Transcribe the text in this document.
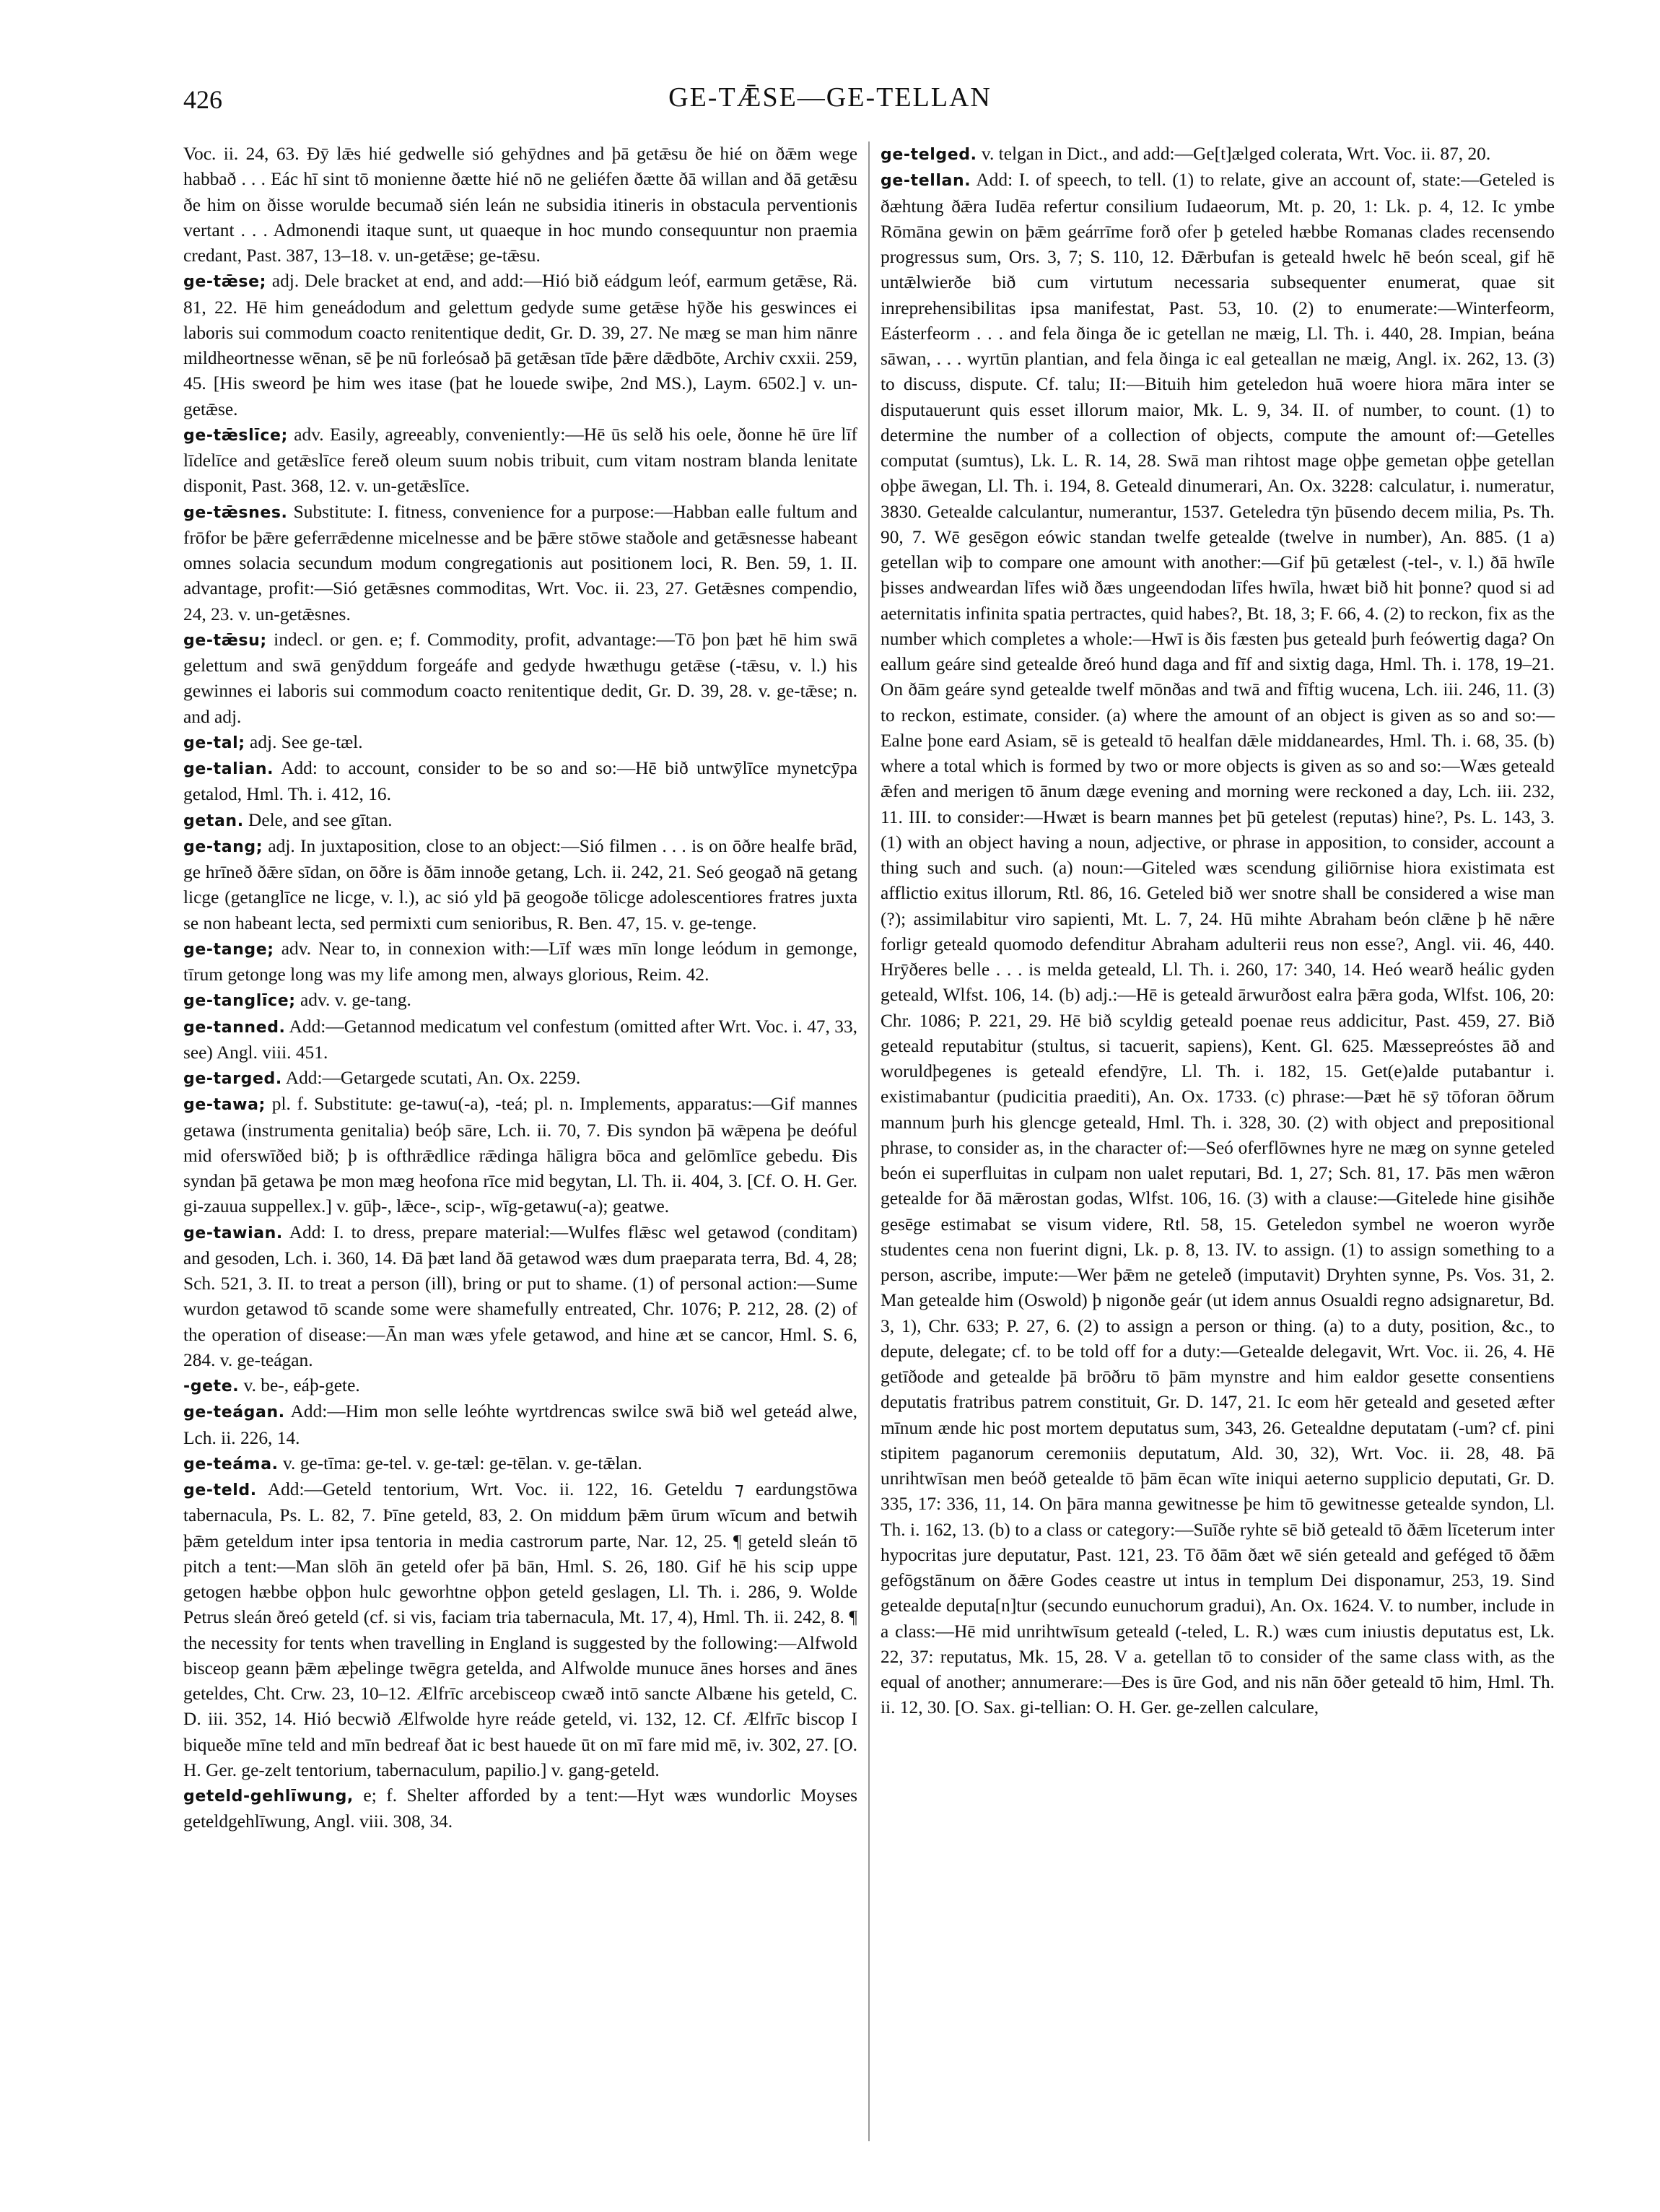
426	GE-TǢSE—GE-TELLAN

Voc. ii. 24, 63. Ðȳ lǣs hié gedwelle sió gehȳdnes and þā getǣsu ðe hié on ðǣm wege habbað . . . Eác hī sint tō monienne ðætte hié nō ne geliéfen ðætte ðā willan and ðā getǣsu ðe him on ðisse worulde becumað sién leán ne subsidia itineris in obstacula perventionis vertant . . . Admonendi itaque sunt, ut quaeque in hoc mundo consequuntur non praemia credant, Past. 387, 13–18. v. un-getǣse; ge-tǣsu.

ge-tǣse; adj. Dele bracket at end, and add:—Hió bið eádgum leóf, earmum getǣse, Rä. 81, 22. Hē him geneádodum and gelettum gedyde sume getǣse hȳðe his geswinces ei laboris sui commodum coacto renitentique dedit, Gr. D. 39, 27. Ne mæg se man him nānre mildheortnesse wēnan, sē þe nū forleósað þā getǣsan tīde þǣre dǣdbōte, Archiv cxxii. 259, 45. [His sweord þe him wes itase (þat he louede swiþe, 2nd MS.), Laym. 6502.] v. un-getǣse.

ge-tǣslīce; adv. Easily, agreeably, conveniently:—Hē ūs selð his oele, ðonne hē ūre līf līdelīce and getǣslīce fereð oleum suum nobis tribuit, cum vitam nostram blanda lenitate disponit, Past. 368, 12. v. un-getǣslīce.

ge-tǣsnes. Substitute: I. fitness, convenience for a purpose:—Habban ealle fultum and frōfor be þǣre geferrǣdenne micelnesse and be þǣre stōwe staðole and getǣsnesse habeant omnes solacia secundum modum congregationis aut positionem loci, R. Ben. 59, 1. II. advantage, profit:—Sió getǣsnes commoditas, Wrt. Voc. ii. 23, 27. Getǣsnes compendio, 24, 23. v. un-getǣsnes.

ge-tǣsu; indecl. or gen. e; f. Commodity, profit, advantage:—Tō þon þæt hē him swā gelettum and swā genȳddum forgeáfe and gedyde hwæthugu getǣse (-tǣsu, v. l.) his gewinnes ei laboris sui commodum coacto renitentique dedit, Gr. D. 39, 28. v. ge-tǣse; n. and adj.

ge-tal; adj. See ge-tæl.

ge-talian. Add: to account, consider to be so and so:—Hē bið untwȳlīce mynetcȳpa getalod, Hml. Th. i. 412, 16.

getan. Dele, and see gītan.

ge-tang; adj. In juxtaposition, close to an object:—Sió filmen . . . is on ōðre healfe brād, ge hrīneð ðǣre sīdan, on ōðre is ðām innoðe getang, Lch. ii. 242, 21. Seó geogað nā getang licge (getanglīce ne licge, v. l.), ac sió yld þā geogoðe tōlicge adolescentiores fratres juxta se non habeant lecta, sed permixti cum senioribus, R. Ben. 47, 15. v. ge-tenge.

ge-tange; adv. Near to, in connexion with:—Līf wæs mīn longe leódum in gemonge, tīrum getonge long was my life among men, always glorious, Reim. 42.

ge-tanglīce; adv. v. ge-tang.

ge-tanned. Add:—Getannod medicatum vel confestum (omitted after Wrt. Voc. i. 47, 33, see) Angl. viii. 451.

ge-targed. Add:—Getargede scutati, An. Ox. 2259.

ge-tawa; pl. f. Substitute: ge-tawu(-a), -teá; pl. n. Implements, apparatus:—Gif mannes getawa (instrumenta genitalia) beóþ sāre, Lch. ii. 70, 7. Ðis syndon þā wǣpena þe deóful mid oferswīðed bið; þ is ofthrǣdlice rǣdinga hāligra bōca and gelōmlīce gebedu. Ðis syndan þā getawa þe mon mæg heofona rīce mid begytan, Ll. Th. ii. 404, 3. [Cf. O. H. Ger. gi-zauua suppellex.] v. gūþ-, lǣce-, scip-, wīg-getawu(-a); geatwe.

ge-tawian. Add: I. to dress, prepare material:—Wulfes flǣsc wel getawod (conditam) and gesoden, Lch. i. 360, 14. Ðā þæt land ðā getawod wæs dum praeparata terra, Bd. 4, 28; Sch. 521, 3. II. to treat a person (ill), bring or put to shame. (1) of personal action:—Sume wurdon getawod tō scande some were shamefully entreated, Chr. 1076; P. 212, 28. (2) of the operation of disease:—Ān man wæs yfele getawod, and hine æt se cancor, Hml. S. 6, 284. v. ge-teágan.

-gete. v. be-, eáþ-gete.

ge-teágan. Add:—Him mon selle leóhte wyrtdrencas swilce swā bið wel geteád alwe, Lch. ii. 226, 14.

ge-teáma. v. ge-tīma: ge-tel. v. ge-tæl: ge-tēlan. v. ge-tǣlan.

ge-teld. Add:—Geteld tentorium, Wrt. Voc. ii. 122, 16. Geteldu ⁊ eardungstōwa tabernacula, Ps. L. 82, 7. Þīne geteld, 83, 2. On middum þǣm ūrum wīcum and betwih þǣm geteldum inter ipsa tentoria in media castrorum parte, Nar. 12, 25. ¶ geteld sleán tō pitch a tent:—Man slōh ān geteld ofer þā bān, Hml. S. 26, 180. Gif hē his scip uppe getogen hæbbe oþþon hulc geworhtne oþþon geteld geslagen, Ll. Th. i. 286, 9. Wolde Petrus sleán ðreó geteld (cf. si vis, faciam tria tabernacula, Mt. 17, 4), Hml. Th. ii. 242, 8. ¶ the necessity for tents when travelling in England is suggested by the following:—Alfwold bisceop geann þǣm æþelinge twēgra geteldа, and Alfwolde munuce ānes horses and ānes geteldes, Cht. Crw. 23, 10–12. Ælfrīc arcebisceop cwæð intō sancte Albæne his geteld, C. D. iii. 352, 14. Hió becwið Ælfwolde hyre reáde geteld, vi. 132, 12. Cf. Ælfrīc biscop I biqueðe mīne teld and mīn bedreaf ðat ic best hauede ūt on mī fare mid mē, iv. 302, 27. [O. H. Ger. ge-zelt tentorium, tabernaculum, papilio.] v. gang-geteld.

geteld-gehlīwung, e; f. Shelter afforded by a tent:—Hyt wæs wundorlic Moyses geteldgehlīwung, Angl. viii. 308, 34.

ge-telged. v. telgan in Dict., and add:—Ge[t]ælged colerata, Wrt. Voc. ii. 87, 20.

ge-tellan. Add: I. of speech, to tell. (1) to relate, give an account of, state:—Geteled is ðæhtung ðǣra Iudēa refertur consilium Iudaeorum, Mt. p. 20, 1: Lk. p. 4, 12. Ic ymbe Rōmāna gewin on þǣm geárrīme forð ofer þ geteled hæbbe Romanas clades recensendo progressus sum, Ors. 3, 7; S. 110, 12. Ðǣrbufan is geteald hwelc hē beón sceal, gif hē untǣlwierðe bið cum virtutum necessaria subsequenter enumerat, quae sit inreprehensibilitas ipsa manifestat, Past. 53, 10. (2) to enumerate:—Winterfeorm, Eásterfeorm . . . and fela ðinga ðe ic getellan ne mæig, Ll. Th. i. 440, 28. Impian, beána sāwan, . . . wyrtūn plantian, and fela ðinga ic eal geteallan ne mæig, Angl. ix. 262, 13. (3) to discuss, dispute. Cf. talu; II:—Bituih him geteledon huā woere hiora māra inter se disputauerunt quis esset illorum maior, Mk. L. 9, 34. II. of number, to count. (1) to determine the number of a collection of objects, compute the amount of:—Getelles computat (sumtus), Lk. L. R. 14, 28. Swā man rihtost mage oþþe gemetan oþþe getellan oþþe āwegan, Ll. Th. i. 194, 8. Geteald dinumerari, An. Ox. 3228: calculatur, i. numeratur, 3830. Getealde calculantur, numerantur, 1537. Geteledra tȳn þūsendo decem milia, Ps. Th. 90, 7. Wē gesēgon eówic standan twelfe getealde (twelve in number), An. 885. (1 a) getellan wiþ to compare one amount with another:—Gif þū getælest (-tel-, v. l.) ðā hwīle þisses andweardan līfes wið ðæs ungeendodan līfes hwīla, hwæt bið hit þonne? quod si ad aeternitatis infinita spatia pertractes, quid habes?, Bt. 18, 3; F. 66, 4. (2) to reckon, fix as the number which completes a whole:—Hwī is ðis fæsten þus geteald þurh feówertig daga? On eallum geáre sind getealde ðreó hund daga and fīf and sixtig daga, Hml. Th. i. 178, 19–21. On ðām geáre synd getealde twelf mōnðas and twā and fīftig wucena, Lch. iii. 246, 11. (3) to reckon, estimate, consider. (a) where the amount of an object is given as so and so:—Ealne þone eard Asiam, sē is geteald tō healfan dǣle middaneardes, Hml. Th. i. 68, 35. (b) where a total which is formed by two or more objects is given as so and so:—Wæs geteald ǣfen and merigen tō ānum dæge evening and morning were reckoned a day, Lch. iii. 232, 11. III. to consider:—Hwæt is bearn mannes þet þū getelest (reputas) hine?, Ps. L. 143, 3. (1) with an object having a noun, adjective, or phrase in apposition, to consider, account a thing such and such. (a) noun:—Giteled wæs scendung giliōrnise hiora existimata est afflictio exitus illorum, Rtl. 86, 16. Geteled bið wer snotre shall be considered a wise man (?); assimilabitur viro sapienti, Mt. L. 7, 24. Hū mihte Abraham beón clǣne þ hē nǣre forligr geteald quomodo defenditur Abraham adulterii reus non esse?, Angl. vii. 46, 440. Hrȳðeres belle . . . is melda geteald, Ll. Th. i. 260, 17: 340, 14. Heó wearð heálic gyden geteald, Wlfst. 106, 14. (b) adj.:—Hē is geteald ārwurðost ealra þǣra goda, Wlfst. 106, 20: Chr. 1086; P. 221, 29. Hē bið scyldig geteald poenae reus addicitur, Past. 459, 27. Bið geteald reputabitur (stultus, si tacuerit, sapiens), Kent. Gl. 625. Mæssepreóstes āð and woruldþegenes is geteald efendȳre, Ll. Th. i. 182, 15. Get(e)alde putabantur i. existimabantur (pudicitia praediti), An. Ox. 1733. (c) phrase:—Þæt hē sȳ tōforan ōðrum mannum þurh his glencge geteald, Hml. Th. i. 328, 30. (2) with object and prepositional phrase, to consider as, in the character of:—Seó oferflōwnes hyre ne mæg on synne geteled beón ei superfluitas in culpam non ualet reputari, Bd. 1, 27; Sch. 81, 17. Þās men wǣron getealde for ðā mǣrostan godas, Wlfst. 106, 16. (3) with a clause:—Gitelede hine gisihðe gesēge estimabat se visum videre, Rtl. 58, 15. Geteledon symbel ne woeron wyrðe studentes cena non fuerint digni, Lk. p. 8, 13. IV. to assign. (1) to assign something to a person, ascribe, impute:—Wer þǣm ne geteleð (imputavit) Dryhten synne, Ps. Vos. 31, 2. Man getealde him (Oswold) þ nigonðe geár (ut idem annus Osualdi regno adsignaretur, Bd. 3, 1), Chr. 633; P. 27, 6. (2) to assign a person or thing. (a) to a duty, position, &c., to depute, delegate; cf. to be told off for a duty:—Getealde delegavit, Wrt. Voc. ii. 26, 4. Hē getīðode and getealde þā brōðru tō þām mynstre and him ealdor gesette consentiens deputatis fratribus patrem constituit, Gr. D. 147, 21. Ic eom hēr geteald and geseted æfter mīnum ænde hic post mortem deputatus sum, 343, 26. Getealdne deputatam (-um? cf. pini stipitem paganorum ceremoniis deputatum, Ald. 30, 32), Wrt. Voc. ii. 28, 48. Þā unrihtwīsan men beóð getealde tō þām ēcan wīte iniqui aeterno supplicio deputati, Gr. D. 335, 17: 336, 11, 14. On þāra manna gewitnesse þe him tō gewitnesse getealde syndon, Ll. Th. i. 162, 13. (b) to a class or category:—Suīðe ryhte sē bið geteald tō ðǣm līceterum inter hypocritas jure deputatur, Past. 121, 23. Tō ðām ðæt wē sién geteald and geféged tō ðǣm gefōgstānum on ðǣre Godes ceastre ut intus in templum Dei disponamur, 253, 19. Sind getealde deputa[n]tur (secundo eunuchorum gradui), An. Ox. 1624. V. to number, include in a class:—Hē mid unrihtwīsum geteald (-teled, L. R.) wæs cum iniustis deputatus est, Lk. 22, 37: reputatus, Mk. 15, 28. V a. getellan tō to consider of the same class with, as the equal of another; annumerare:—Ðes is ūre God, and nis nān ōðer geteald tō him, Hml. Th. ii. 12, 30. [O. Sax. gi-tellian: O. H. Ger. ge-zellen calculare,
